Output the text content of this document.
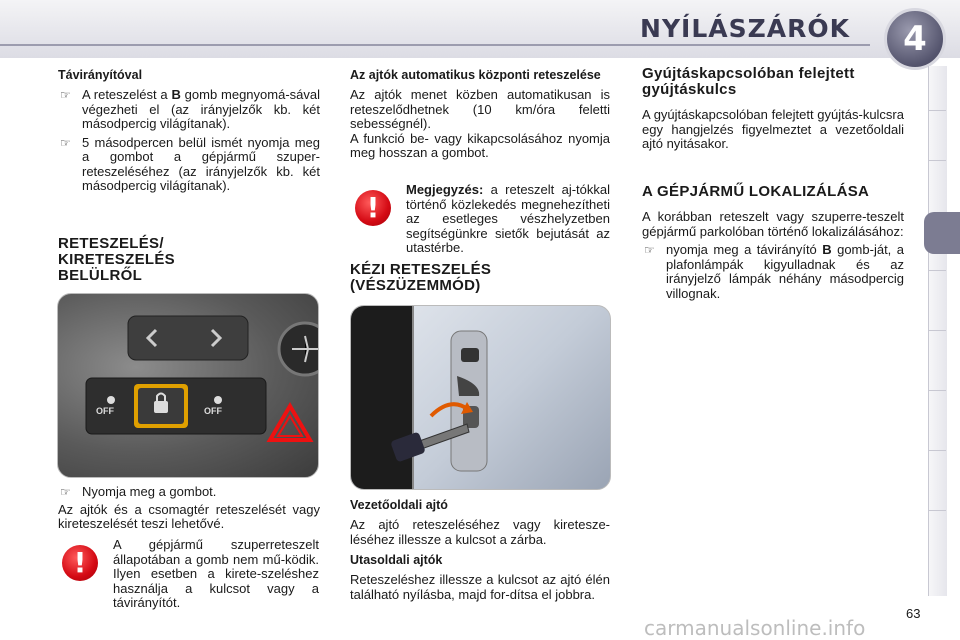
NYÍLÁSZÁRÓK	4
Távirányítóval
☞ A reteszelést a B gomb megnyomá-sával végezheti el (az irányjelzők kb. két másodpercig világítanak).
☞ 5 másodpercen belül ismét nyomja meg a gombot a gépjármű szuper-reteszeléséhez (az irányjelzők kb. két másodpercig világítanak).
RETESZELÉS/ KIRETESZELÉS BELÜLRŐL
OFF	OFF
☞ Nyomja meg a gombot.

Az ajtók és a csomagtér reteszelését vagy kireteszelését teszi lehetővé.

!

A gépjármű szuperreteszelt állapotában a gomb nem mű-ködik. Ilyen esetben a kirete-szeléshez használja a kulcsot vagy a távirányítót.

Az ajtók automatikus központi reteszelése

Az ajtók menet közben automatikusan is reteszelődhetnek (10 km/óra feletti sebességnél).

A funkció be- vagy kikapcsolásához nyomja meg hosszan a gombot.

!

Megjegyzés: a reteszelt aj-tókkal történő közlekedés megnehezítheti az esetleges vészhelyzetben segítségünkre sietők bejutását az utastérbe.

KÉZI RETESZELÉS (VÉSZÜZEMMÓD)
Vezetőoldali ajtó

Az ajtó reteszeléséhez vagy kiretesze-léséhez illessze a kulcsot a zárba.

Utasoldali ajtók

Reteszeléshez illessze a kulcsot az ajtó élén található nyílásba, majd for-dítsa el jobbra.

Gyújtáskapcsolóban felejtett gyújtáskulcs

A gyújtáskapcsolóban felejtett gyújtás-kulcsra egy hangjelzés figyelmeztet a vezetőoldali ajtó nyitásakor.

A GÉPJÁRMŰ LOKALIZÁLÁSA

A korábban reteszelt vagy szuperre-teszelt gépjármű parkolóban történő lokalizálásához:

☞ nyomja meg a távirányító B gomb-ját, a plafonlámpák kigyulladnak és az irányjelző lámpák néhány másodpercig villognak.
63
carmanualsonline.info
